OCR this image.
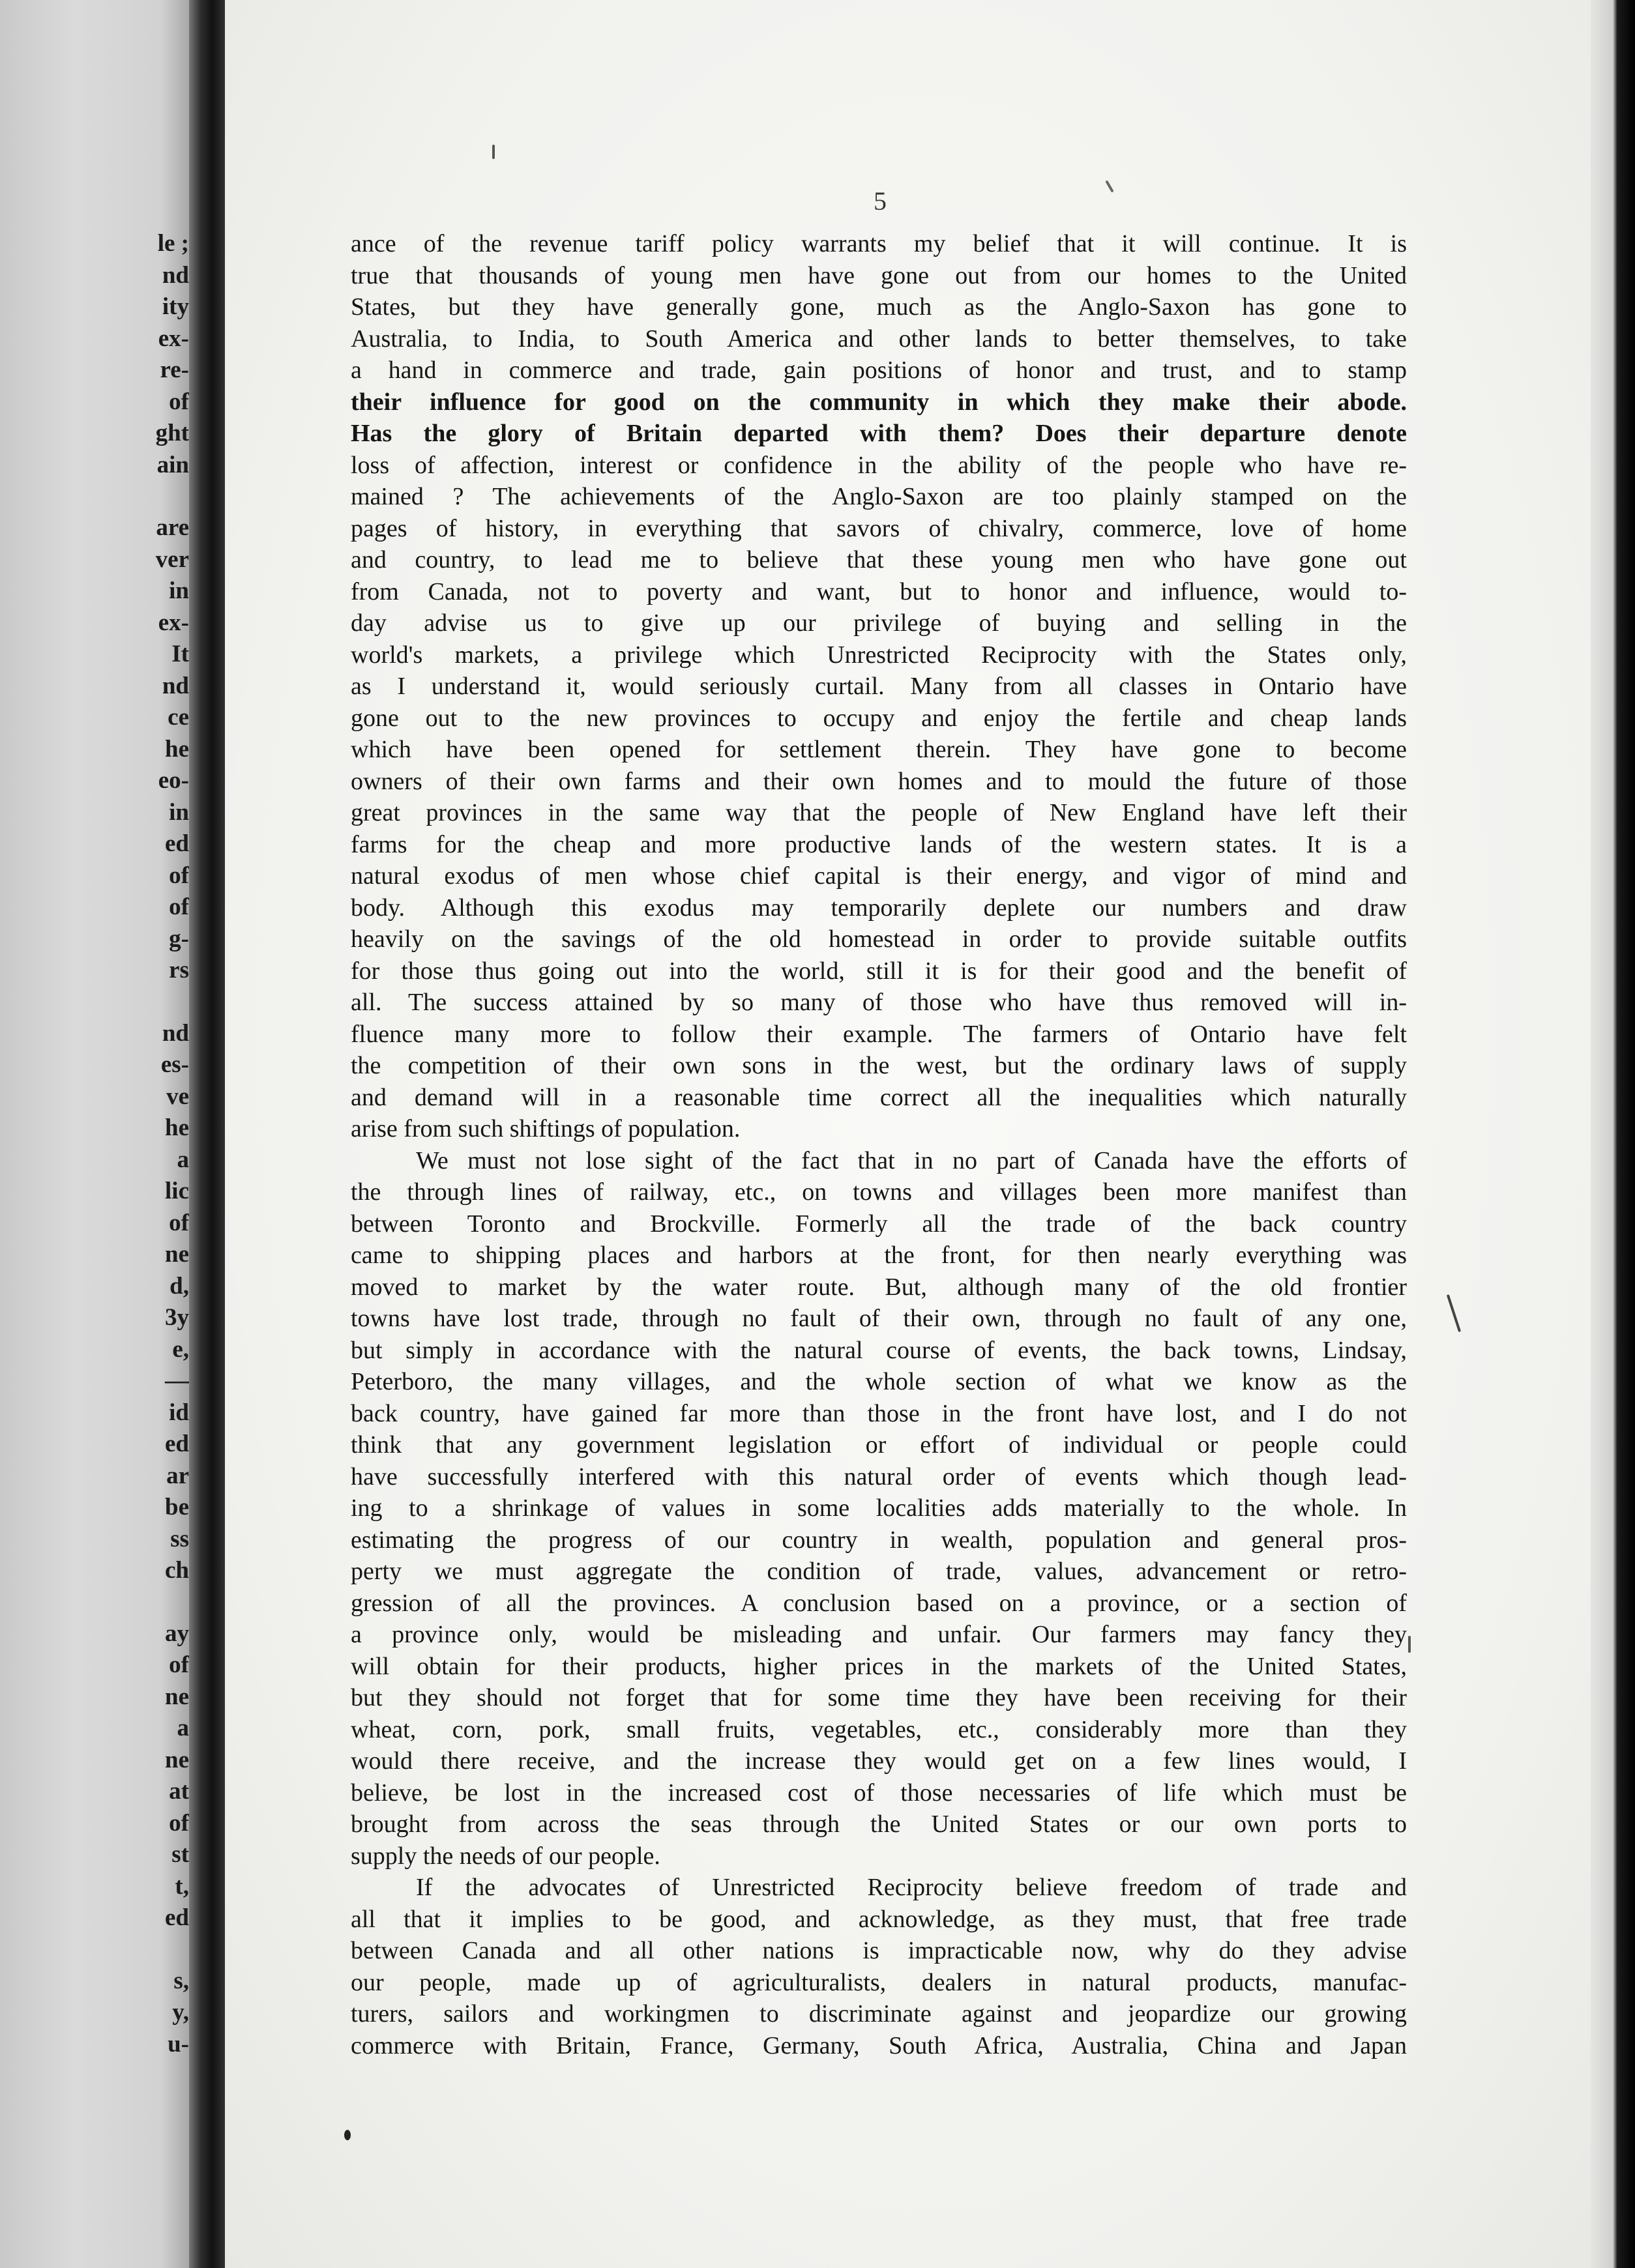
le ;
nd
ity
ex-
re-
of
ght
ain
are
ver
in
ex-
It
nd
ce
he
eo-
in
ed
of
of
g-
rs
nd
es-
ve
he
a
lic
of
ne
d,
3y
e,
—
id
ed
ar
be
ss
ch
ay
of
ne
a
ne
at
of
st
t,
ed
s,
y,
u-
5
ance of the revenue tariff policy warrants my belief that it will continue. It is
true that thousands of young men have gone out from our homes to the United
States, but they have generally gone, much as the Anglo-Saxon has gone to
Australia, to India, to South America and other lands to better themselves, to take
a hand in commerce and trade, gain positions of honor and trust, and to stamp
their influence for good on the community in which they make their abode.
Has the glory of Britain departed with them? Does their departure denote
loss of affection, interest or confidence in the ability of the people who have re-
mained ? The achievements of the Anglo-Saxon are too plainly stamped on the
pages of history, in everything that savors of chivalry, commerce, love of home
and country, to lead me to believe that these young men who have gone out
from Canada, not to poverty and want, but to honor and influence, would to-
day advise us to give up our privilege of buying and selling in the
world's markets, a privilege which Unrestricted Reciprocity with the States only,
as I understand it, would seriously curtail. Many from all classes in Ontario have
gone out to the new provinces to occupy and enjoy the fertile and cheap lands
which have been opened for settlement therein. They have gone to become
owners of their own farms and their own homes and to mould the future of those
great provinces in the same way that the people of New England have left their
farms for the cheap and more productive lands of the western states. It is a
natural exodus of men whose chief capital is their energy, and vigor of mind and
body. Although this exodus may temporarily deplete our numbers and draw
heavily on the savings of the old homestead in order to provide suitable outfits
for those thus going out into the world, still it is for their good and the benefit of
all. The success attained by so many of those who have thus removed will in-
fluence many more to follow their example. The farmers of Ontario have felt
the competition of their own sons in the west, but the ordinary laws of supply
and demand will in a reasonable time correct all the inequalities which naturally
arise from such shiftings of population.
We must not lose sight of the fact that in no part of Canada have the efforts of
the through lines of railway, etc., on towns and villages been more manifest than
between Toronto and Brockville. Formerly all the trade of the back country
came to shipping places and harbors at the front, for then nearly everything was
moved to market by the water route. But, although many of the old frontier
towns have lost trade, through no fault of their own, through no fault of any one,
but simply in accordance with the natural course of events, the back towns, Lindsay,
Peterboro, the many villages, and the whole section of what we know as the
back country, have gained far more than those in the front have lost, and I do not
think that any government legislation or effort of individual or people could
have successfully interfered with this natural order of events which though lead-
ing to a shrinkage of values in some localities adds materially to the whole. In
estimating the progress of our country in wealth, population and general pros-
perty we must aggregate the condition of trade, values, advancement or retro-
gression of all the provinces. A conclusion based on a province, or a section of
a province only, would be misleading and unfair. Our farmers may fancy they
will obtain for their products, higher prices in the markets of the United States,
but they should not forget that for some time they have been receiving for their
wheat, corn, pork, small fruits, vegetables, etc., considerably more than they
would there receive, and the increase they would get on a few lines would, I
believe, be lost in the increased cost of those necessaries of life which must be
brought from across the seas through the United States or our own ports to
supply the needs of our people.
If the advocates of Unrestricted Reciprocity believe freedom of trade and
all that it implies to be good, and acknowledge, as they must, that free trade
between Canada and all other nations is impracticable now, why do they advise
our people, made up of agriculturalists, dealers in natural products, manufac-
turers, sailors and workingmen to discriminate against and jeopardize our growing
commerce with Britain, France, Germany, South Africa, Australia, China and Japan
